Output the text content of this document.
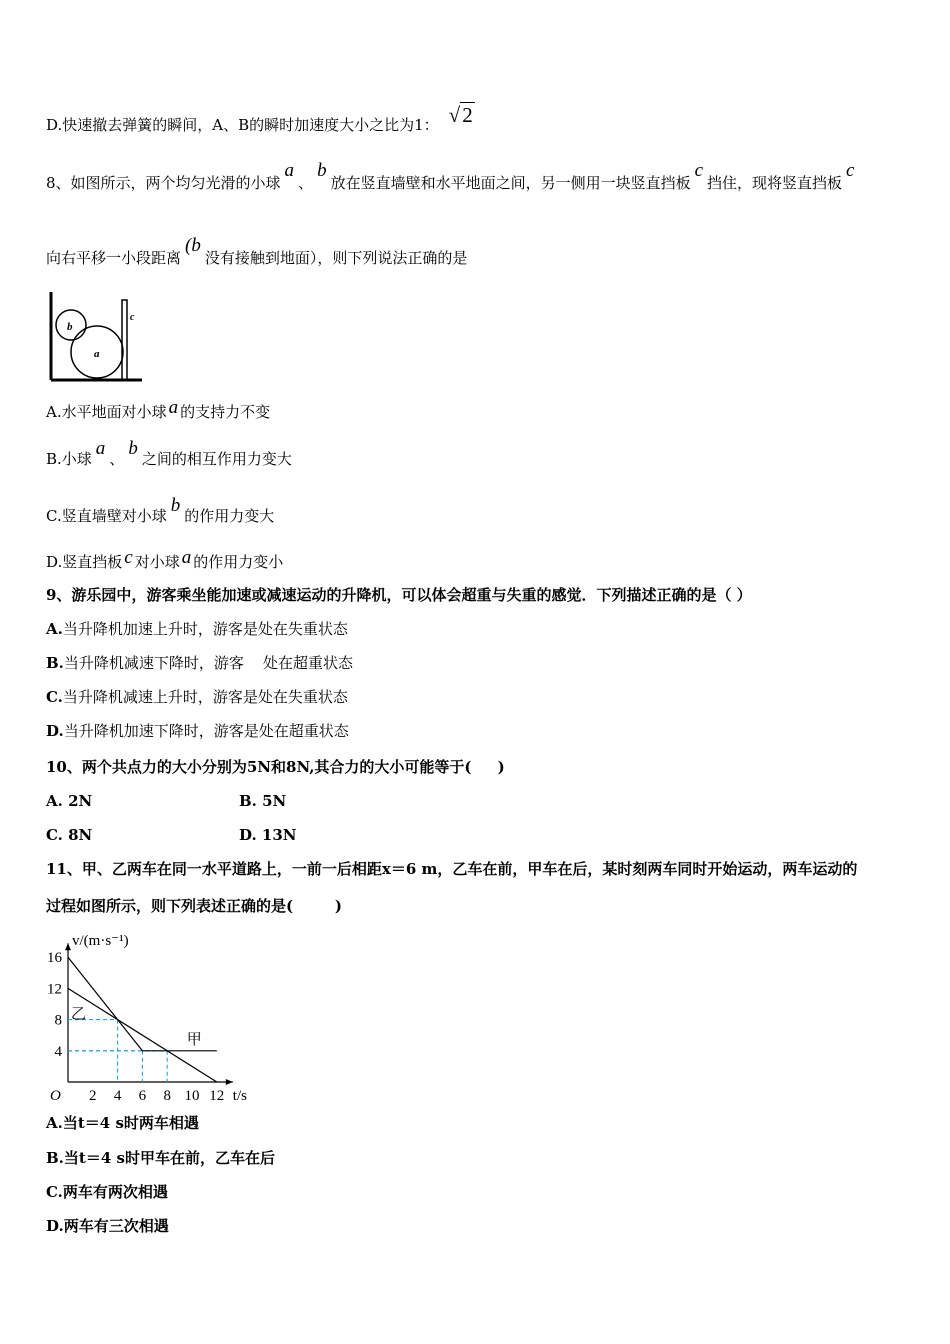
D.快速撤去弹簧的瞬间，A、B的瞬时加速度大小之比为1： √2
8、如图所示，两个均匀光滑的小球a、b放在竖直墙壁和水平地面之间，另一侧用一块竖直挡板c挡住，现将竖直挡板c
向右平移一小段距离(b没有接触到地面），则下列说法正确的是
b
a
c
A.水平地面对小球 a 的支持力不变
B.小球 a 、 b 之间的相互作用力变大
C.竖直墙壁对小球 b 的作用力变大
D.竖直挡板 c 对小球 a 的作用力变小
9、游乐园中，游客乘坐能加速或减速运动的升降机，可以体会超重与失重的感觉．下列描述正确的是（ ）
A.当升降机加速上升时，游客是处在失重状态
B.当升降机减速下降时，游客    处在超重状态
C.当升降机减速上升时，游客是处在失重状态
D.当升降机加速下降时，游客是处在超重状态
10、两个共点力的大小分别为5N和8N,其合力的大小可能等于(     )
A. 2N	B. 5N
C. 8N	D. 13N
11、甲、乙两车在同一水平道路上，一前一后相距x＝6 m，乙车在前，甲车在后，某时刻两车同时开始运动，两车运动的
过程如图所示，则下列表述正确的是(        )
甲
乙
2 4 6 8 10 12
4
8
12
16
O
v/(m·s⁻¹)
t/s
A.当t＝4 s时两车相遇
B.当t＝4 s时甲车在前，乙车在后
C.两车有两次相遇
D.两车有三次相遇
